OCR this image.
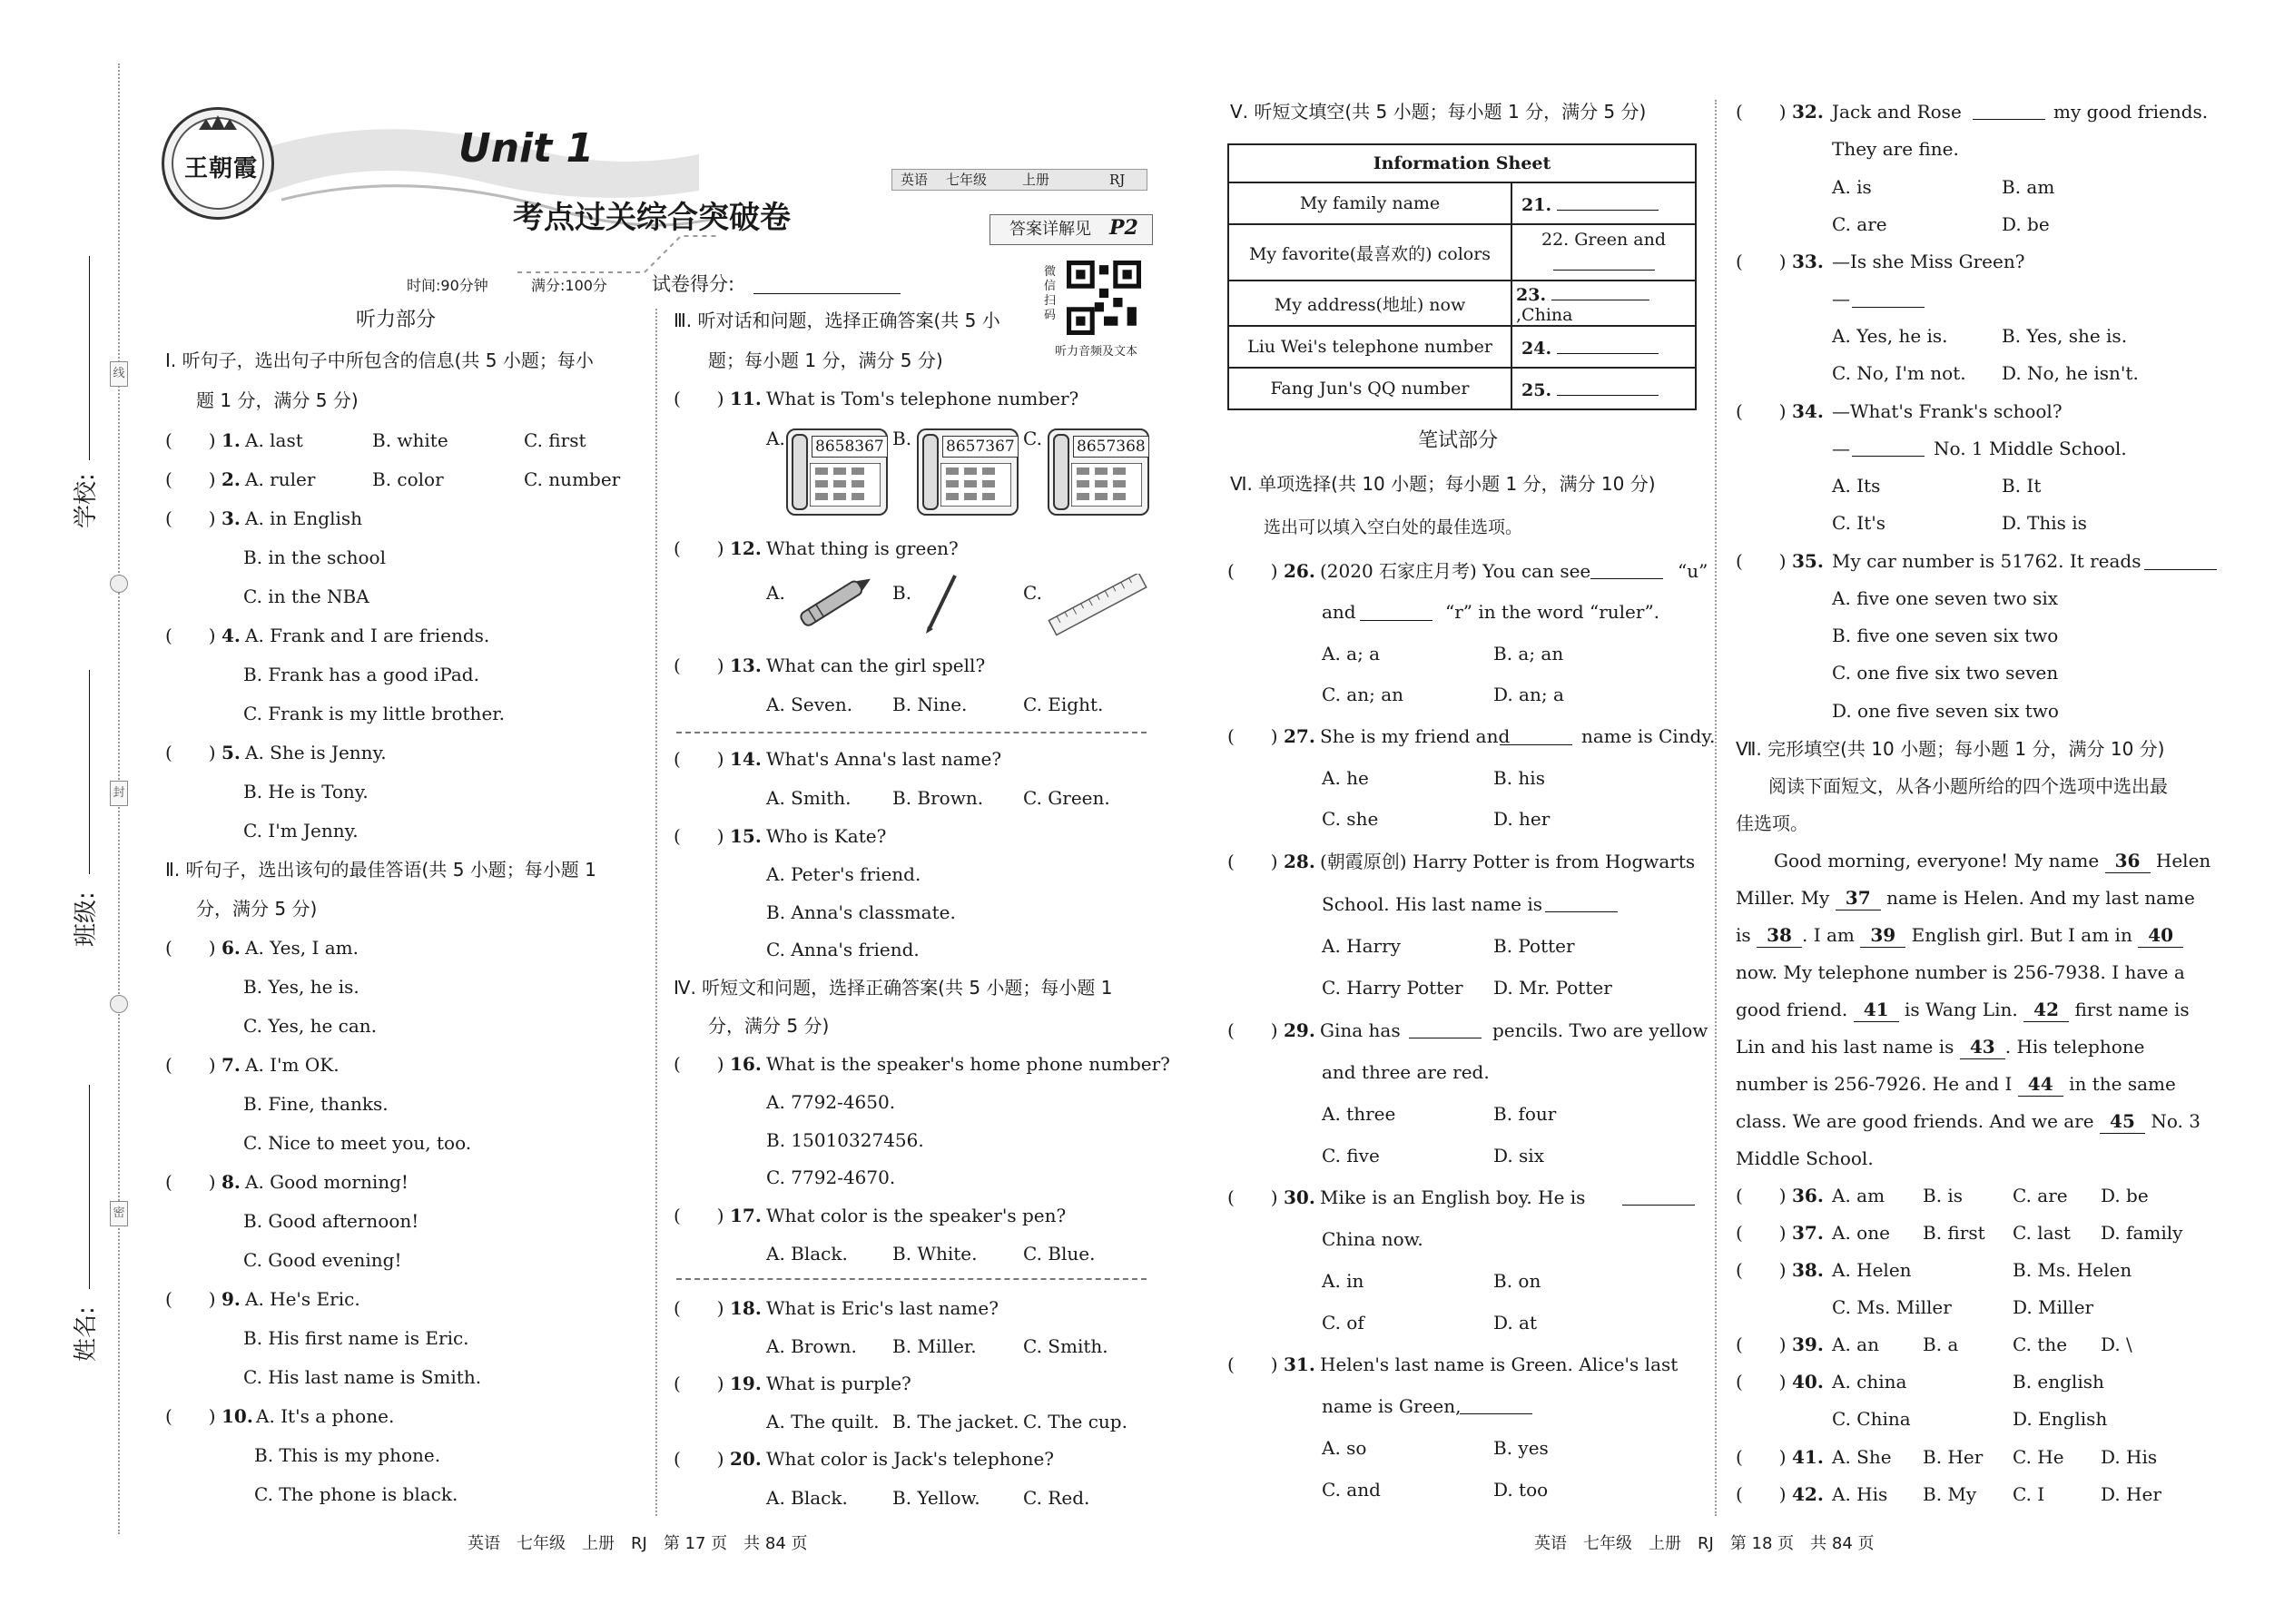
线
封
密
学校:
班级:
姓名:
王朝霞	Unit 1
考点过关综合突破卷
英语 七年级	上册	RJ
答案详解见 P2
微信扫码
听力音频及文本
时间:90分钟	满分:100分 试卷得分:
听力部分
Ⅰ. 听句子，选出句子中所包含的信息(共 5 小题；每小
题 1 分，满分 5 分)
(　　) 1. A. last	B. white	C. first
(　　) 2. A. ruler	B. color	C. number
(　　) 3. A. in English
B. in the school
C. in the NBA
(　　) 4. A. Frank and I are friends.
B. Frank has a good iPad.
C. Frank is my little brother.
(　　) 5. A. She is Jenny.
B. He is Tony.
C. I'm Jenny.
Ⅱ. 听句子，选出该句的最佳答语(共 5 小题；每小题 1
分，满分 5 分)
(　　) 6. A. Yes, I am.
B. Yes, he is.
C. Yes, he can.
(　　) 7. A. I'm OK.
B. Fine, thanks.
C. Nice to meet you, too.
(　　) 8. A. Good morning!
B. Good afternoon!
C. Good evening!
(　　) 9. A. He's Eric.
B. His first name is Eric.
C. His last name is Smith.
(　　) 10. A. It's a phone.
B. This is my phone.
C. The phone is black.
Ⅲ. 听对话和问题，选择正确答案(共 5 小
题；每小题 1 分，满分 5 分)
(　　) 11. What is Tom's telephone number?
A.	B.	C.
8658367	8657367	8657368
(　　) 12. What thing is green?
A.	B.	C.
(　　) 13. What can the girl spell?
A. Seven. B. Nine.	C. Eight.
(　　) 14. What's Anna's last name?
A. Smith. B. Brown. C. Green.
(　　) 15. Who is Kate?
A. Peter's friend.
B. Anna's classmate.
C. Anna's friend.
Ⅳ. 听短文和问题，选择正确答案(共 5 小题；每小题 1
分，满分 5 分)
(　　) 16. What is the speaker's home phone number?
A. 7792-4650.
B. 15010327456.
C. 7792-4670.
(　　) 17. What color is the speaker's pen?
A. Black. B. White.	C. Blue.
(　　) 18. What is Eric's last name?
A. Brown. B. Miller.	C. Smith.
(　　) 19. What is purple?
A. The quilt. B. The jacket. C. The cup.
(　　) 20. What color is Jack's telephone?
A. Black. B. Yellow. C. Red.
英语　七年级　上册　RJ　第 17 页　共 84 页
Ⅴ. 听短文填空(共 5 小题；每小题 1 分，满分 5 分)
Information Sheet	
My family name	21.
My favorite(最喜欢的) colors	22. Green and

My address(地址) now	23. ,China
Liu Wei's telephone number	24.
Fang Jun's QQ number	25.
笔试部分
Ⅵ. 单项选择(共 10 小题；每小题 1 分，满分 10 分)
选出可以填入空白处的最佳选项。
(　　) 26. (2020 石家庄月考) You can see	“u”
and	“r” in the word “ruler”.
A. a; a	B. a; an
C. an; an	D. an; a
(　　) 27. She is my friend and	name is Cindy.
A. he	B. his
C. she	D. her
(　　) 28. (朝霞原创) Harry Potter is from Hogwarts
School. His last name is
A. Harry	B. Potter
C. Harry Potter D. Mr. Potter
(　　) 29. Gina has	pencils. Two are yellow
and three are red.
A. three	B. four
C. five	D. six
(　　) 30. Mike is an English boy. He is
China now.
A. in	B. on
C. of	D. at
(　　) 31. Helen's last name is Green. Alice's last
name is Green,
A. so	B. yes
C. and	D. too
(　　) 32. Jack and Rose	my good friends.
They are fine.
A. is	B. am
C. are	D. be
(　　) 33. —Is she Miss Green?
—
A. Yes, he is.	B. Yes, she is.
C. No, I'm not. D. No, he isn't.
(　　) 34. —What's Frank's school?
—	No. 1 Middle School.
A. Its	B. It
C. It's	D. This is
(　　) 35. My car number is 51762. It reads
A. five one seven two six
B. five one seven six two
C. one five six two seven
D. one five seven six two
Ⅶ. 完形填空(共 10 小题；每小题 1 分，满分 10 分)
阅读下面短文，从各小题所给的四个选项中选出最
佳选项。
Good morning, everyone! My name 36 Helen
Miller. My 37 name is Helen. And my last name
is 38 . I am 39 English girl. But I am in 40
now. My telephone number is 256-7938. I have a
good friend. 41 is Wang Lin. 42 first name is
Lin and his last name is 43 . His telephone
number is 256-7926. He and I 44 in the same
class. We are good friends. And we are 45 No. 3
Middle School.
(　　) 36. A. am B. is	C. are D. be
(　　) 37. A. one B. first C. last D. family
(　　) 38. A. Helen	B. Ms. Helen
C. Ms. Miller	D. Miller
(　　) 39. A. an B. a	C. the D. \
(　　) 40. A. china	B. english
C. China	D. English
(　　) 41. A. She B. Her C. He D. His
(　　) 42. A. His B. My C. I	D. Her
英语　七年级　上册　RJ　第 18 页　共 84 页
